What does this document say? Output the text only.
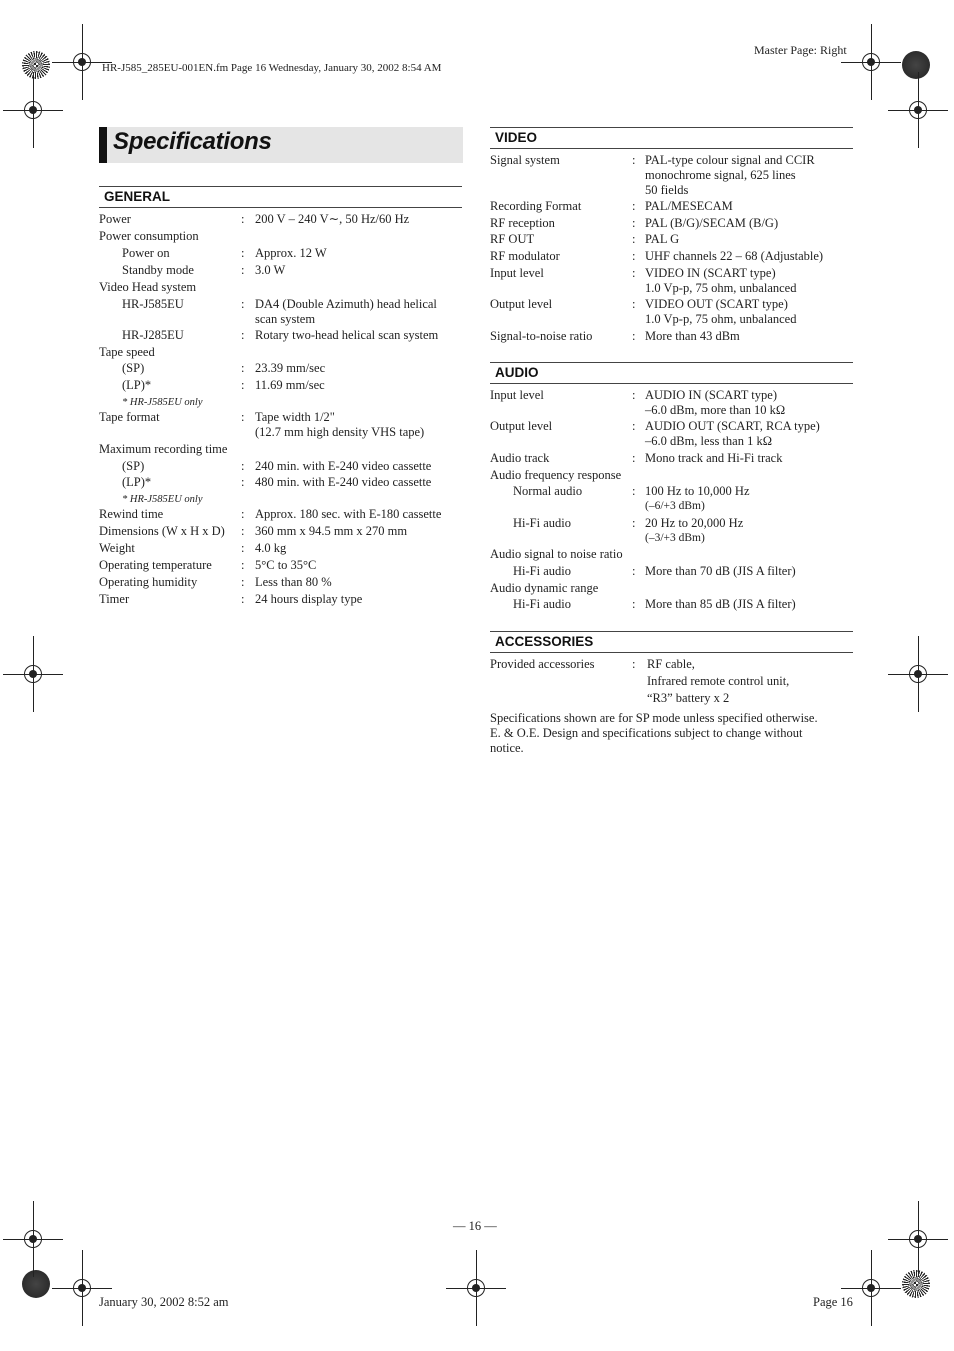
HR-J585_285EU-001EN.fm Page 16 Wednesday, January 30, 2002 8:54 AM
Master Page: Right
Specifications
GENERAL
Power	: 200 V – 240 V∼, 50 Hz/60 Hz
Power consumption
Power on	: Approx. 12 W
Standby mode	: 3.0 W
Video Head system
HR-J585EU	: DA4 (Double Azimuth) head helical
scan system
HR-J285EU	: Rotary two-head helical scan system
Tape speed
(SP)	: 23.39 mm/sec
(LP)*	: 11.69 mm/sec
* HR-J585EU only
Tape format	: Tape width 1/2"
(12.7 mm high density VHS tape)
Maximum recording time
(SP)	: 240 min. with E-240 video cassette
(LP)*	: 480 min. with E-240 video cassette
* HR-J585EU only
Rewind time	: Approx. 180 sec. with E-180 cassette
Dimensions (W x H x D) : 360 mm x 94.5 mm x 270 mm
Weight	: 4.0 kg
Operating temperature : 5°C to 35°C
Operating humidity	: Less than 80 %
Timer	: 24 hours display type
VIDEO
Signal system	: PAL-type colour signal and CCIR
monochrome signal, 625 lines
50 fields
Recording Format	: PAL/MESECAM
RF reception	: PAL (B/G)/SECAM (B/G)
RF OUT	: PAL G
RF modulator	: UHF channels 22 – 68 (Adjustable)
Input level	: VIDEO IN (SCART type)
1.0 Vp-p, 75 ohm, unbalanced
Output level	: VIDEO OUT (SCART type)
1.0 Vp-p, 75 ohm, unbalanced
Signal-to-noise ratio	: More than 43 dBm
AUDIO
Input level	: AUDIO IN (SCART type)
–6.0 dBm, more than 10 kΩ
Output level	: AUDIO OUT (SCART, RCA type)
–6.0 dBm, less than 1 kΩ
Audio track	: Mono track and Hi-Fi track
Audio frequency response
Normal audio	: 100 Hz to 10,000 Hz
(–6/+3 dBm)
Hi-Fi audio	: 20 Hz to 20,000 Hz
(–3/+3 dBm)
Audio signal to noise ratio
Hi-Fi audio	: More than 70 dB (JIS A filter)
Audio dynamic range
Hi-Fi audio	: More than 85 dB (JIS A filter)
ACCESSORIES
Provided accessories	: RF cable,
Infrared remote control unit,
“R3” battery x 2
Specifications shown are for SP mode unless specified otherwise.
E. & O.E. Design and specifications subject to change without
notice.
— 16 —
January 30, 2002 8:52 am	Page 16
